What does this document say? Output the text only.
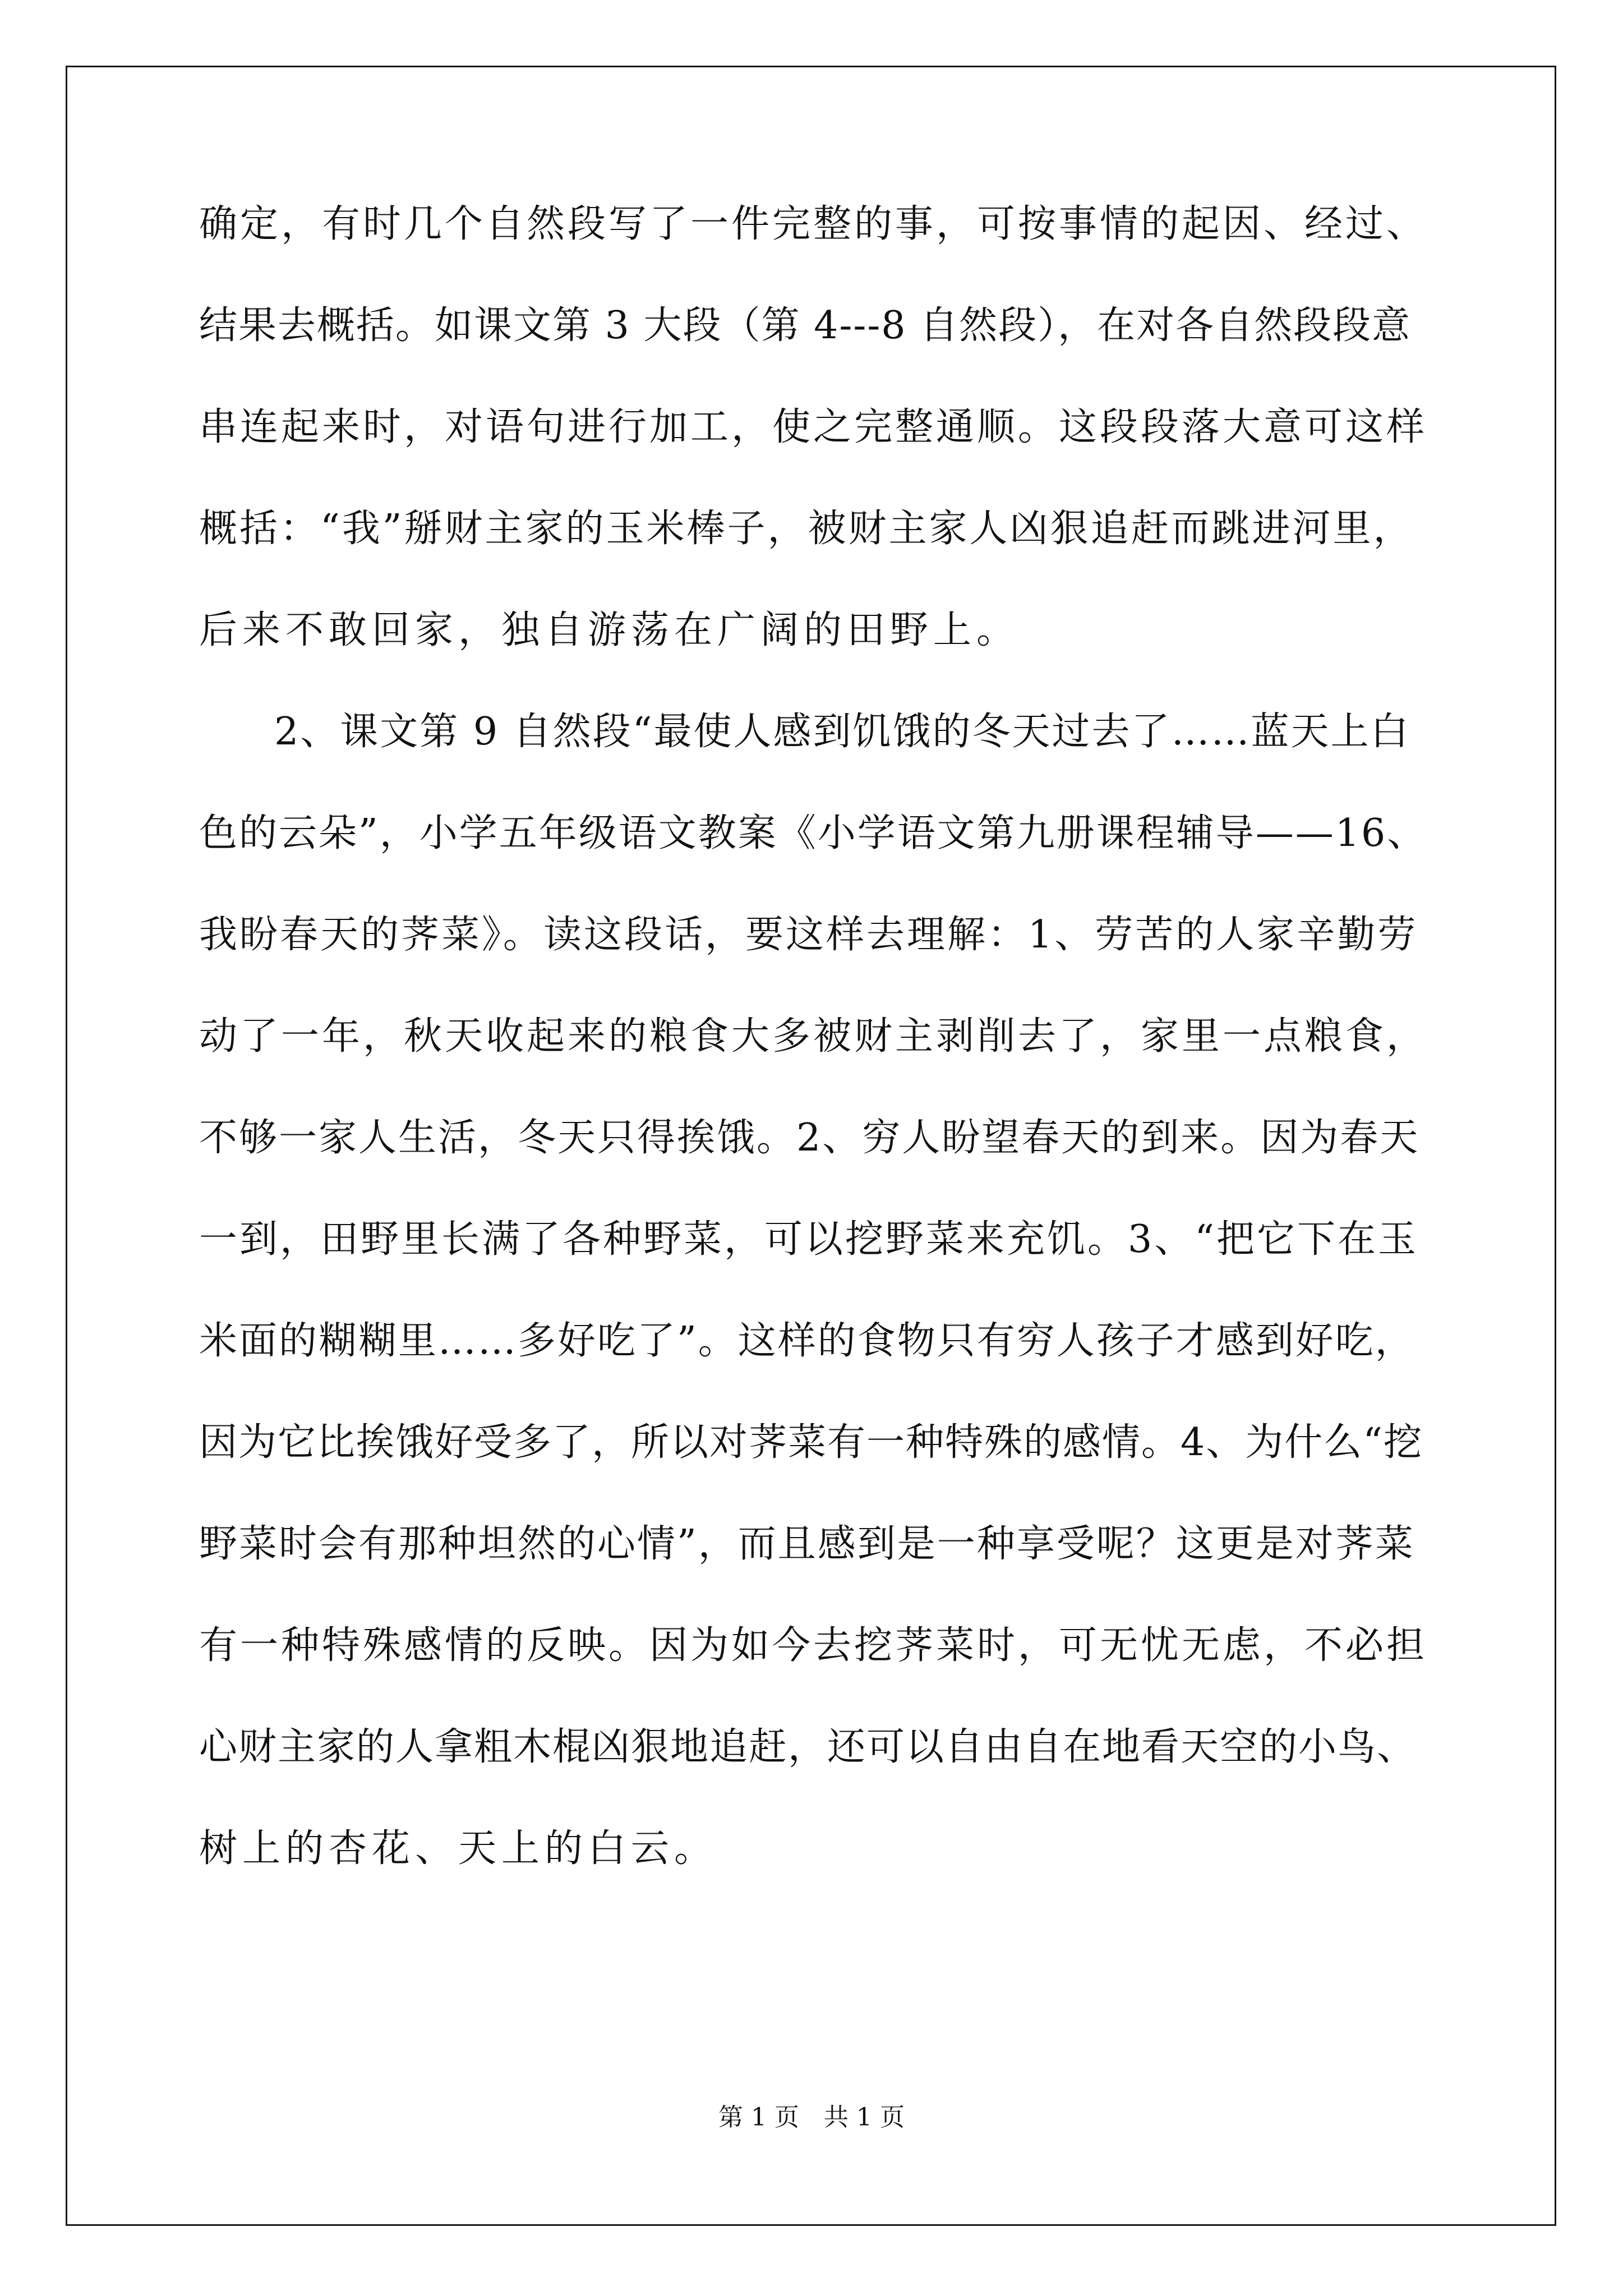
确定，有时几个自然段写了一件完整的事，可按事情的起因、经过、
结果去概括。如课文第 3 大段（第 4---8 自然段），在对各自然段段意
串连起来时，对语句进行加工，使之完整通顺。这段段落大意可这样
概括：“我”掰财主家的玉米棒子，被财主家人凶狠追赶而跳进河里，
后来不敢回家，独自游荡在广阔的田野上。
2、课文第 9 自然段“最使人感到饥饿的冬天过去了……蓝天上白
色的云朵”，小学五年级语文教案《小学语文第九册课程辅导——16、
我盼春天的荠菜》。读这段话，要这样去理解：1、劳苦的人家辛勤劳
动了一年，秋天收起来的粮食大多被财主剥削去了，家里一点粮食，
不够一家人生活，冬天只得挨饿。2、穷人盼望春天的到来。因为春天
一到，田野里长满了各种野菜，可以挖野菜来充饥。3、“把它下在玉
米面的糊糊里……多好吃了”。这样的食物只有穷人孩子才感到好吃，
因为它比挨饿好受多了，所以对荠菜有一种特殊的感情。4、为什么“挖
野菜时会有那种坦然的心情”，而且感到是一种享受呢？这更是对荠菜
有一种特殊感情的反映。因为如今去挖荠菜时，可无忧无虑，不必担
心财主家的人拿粗木棍凶狠地追赶，还可以自由自在地看天空的小鸟、
树上的杏花、天上的白云。
第 1 页　共 1 页
